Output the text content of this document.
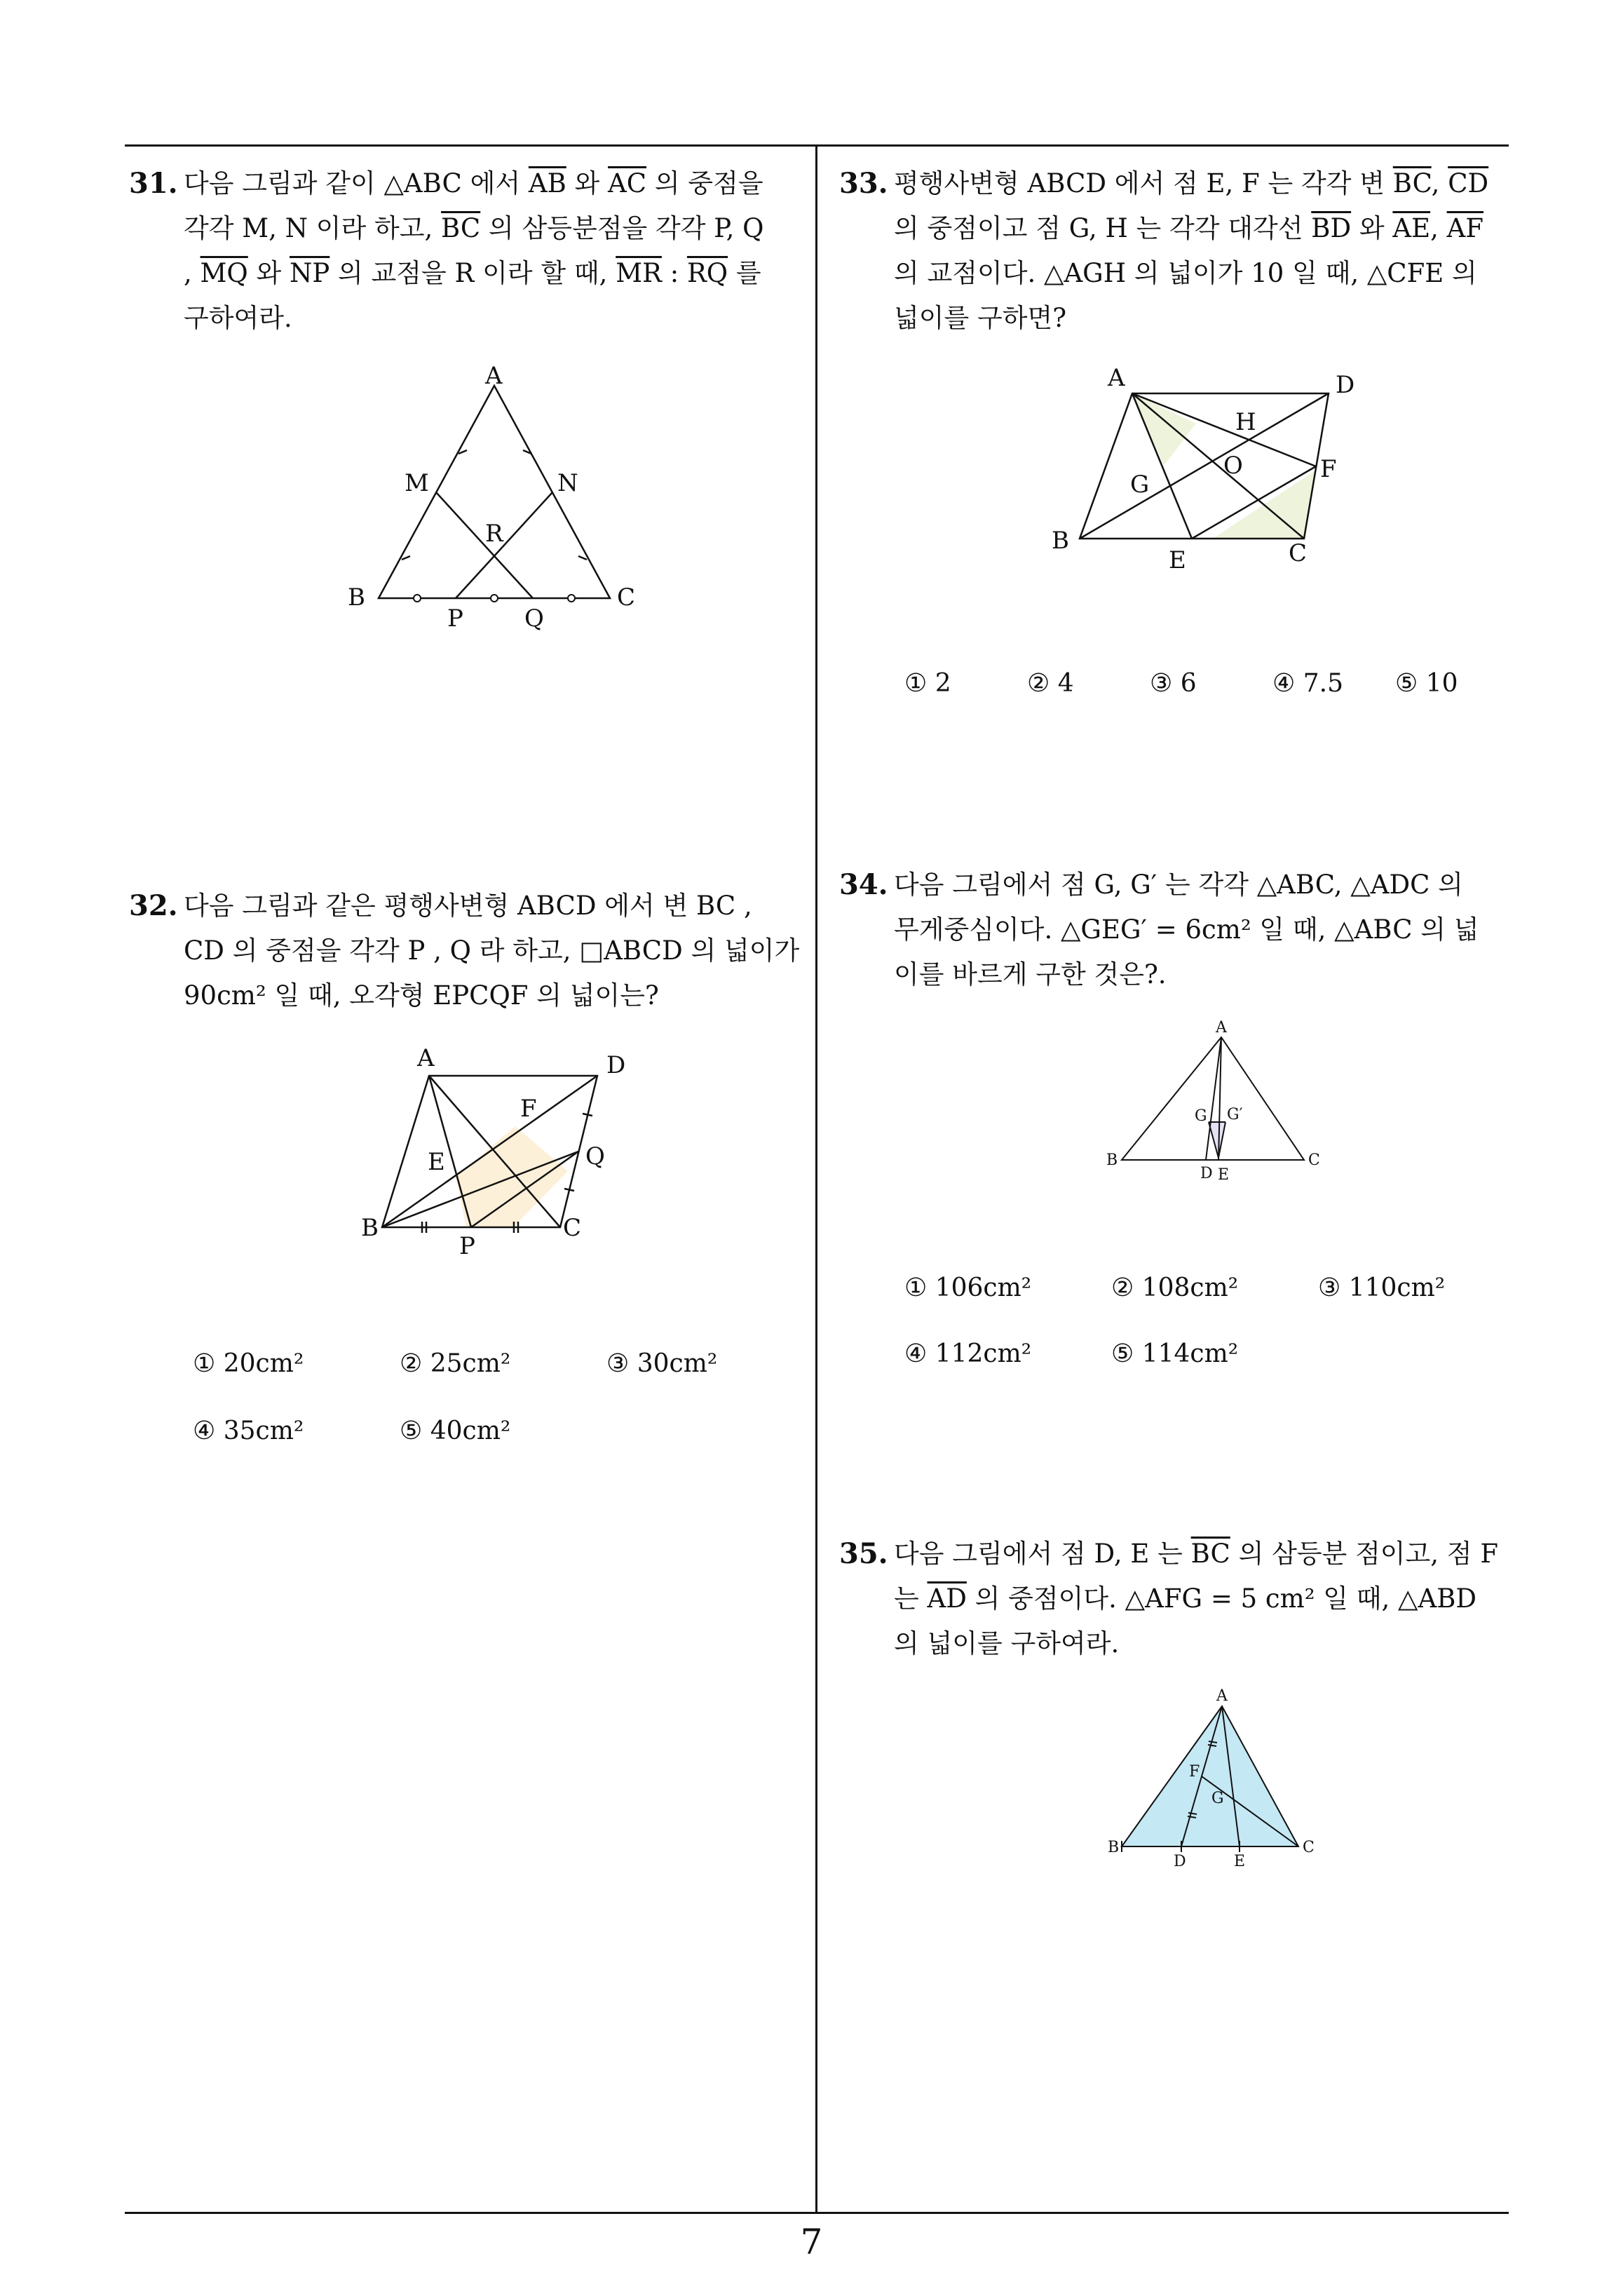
31. 다음 그림과 같이 △ABC 에서 $\overline{AB}$ 와 $\overline{AC}$ 의 중점을
각각 M, N 이라 하고, $\overline{BC}$ 의 삼등분점을 각각 P, Q
, $\overline{MQ}$ 와 $\overline{NP}$ 의 교점을 R 이라 할 때, $\overline{MR}$ : $\overline{RQ}$ 를
구하여라.
A
B	C
M	N
P	Q
R
32. 다음 그림과 같은 평행사변형 ABCD 에서 변 BC ,
CD 의 중점을 각각 P , Q 라 하고, □ABCD 의 넓이가
90cm² 일 때, 오각형 EPCQF 의 넓이는?
A	D
B	C
P
Q
E
F
① 20cm²	② 25cm²	③ 30cm²
④ 35cm²	⑤ 40cm²
33. 평행사변형 ABCD 에서 점 E, F 는 각각 변 $\overline{BC}$, $\overline{CD}$
의 중점이고 점 G, H 는 각각 대각선 $\overline{BD}$ 와 $\overline{AE}$, $\overline{AF}$
의 교점이다. △AGH 의 넓이가 10 일 때, △CFE 의
넓이를 구하면?
A	D
B	C
E
F
G
H
O
① 2	② 4	③ 6	④ 7.5 ⑤ 10
34. 다음 그림에서 점 G, G′ 는 각각 △ABC, △ADC 의
무게중심이다. △GEG′ = 6cm² 일 때, △ABC 의 넓
이를 바르게 구한 것은?.
A
B	C
D E
G G′
① 106cm²	② 108cm²	③ 110cm²
④ 112cm²	⑤ 114cm²
35. 다음 그림에서 점 D, E 는 $\overline{BC}$ 의 삼등분 점이고, 점 F
는 $\overline{AD}$ 의 중점이다. △AFG = 5 cm² 일 때, △ABD
의 넓이를 구하여라.
A
B	C
D	E
F
G
7
